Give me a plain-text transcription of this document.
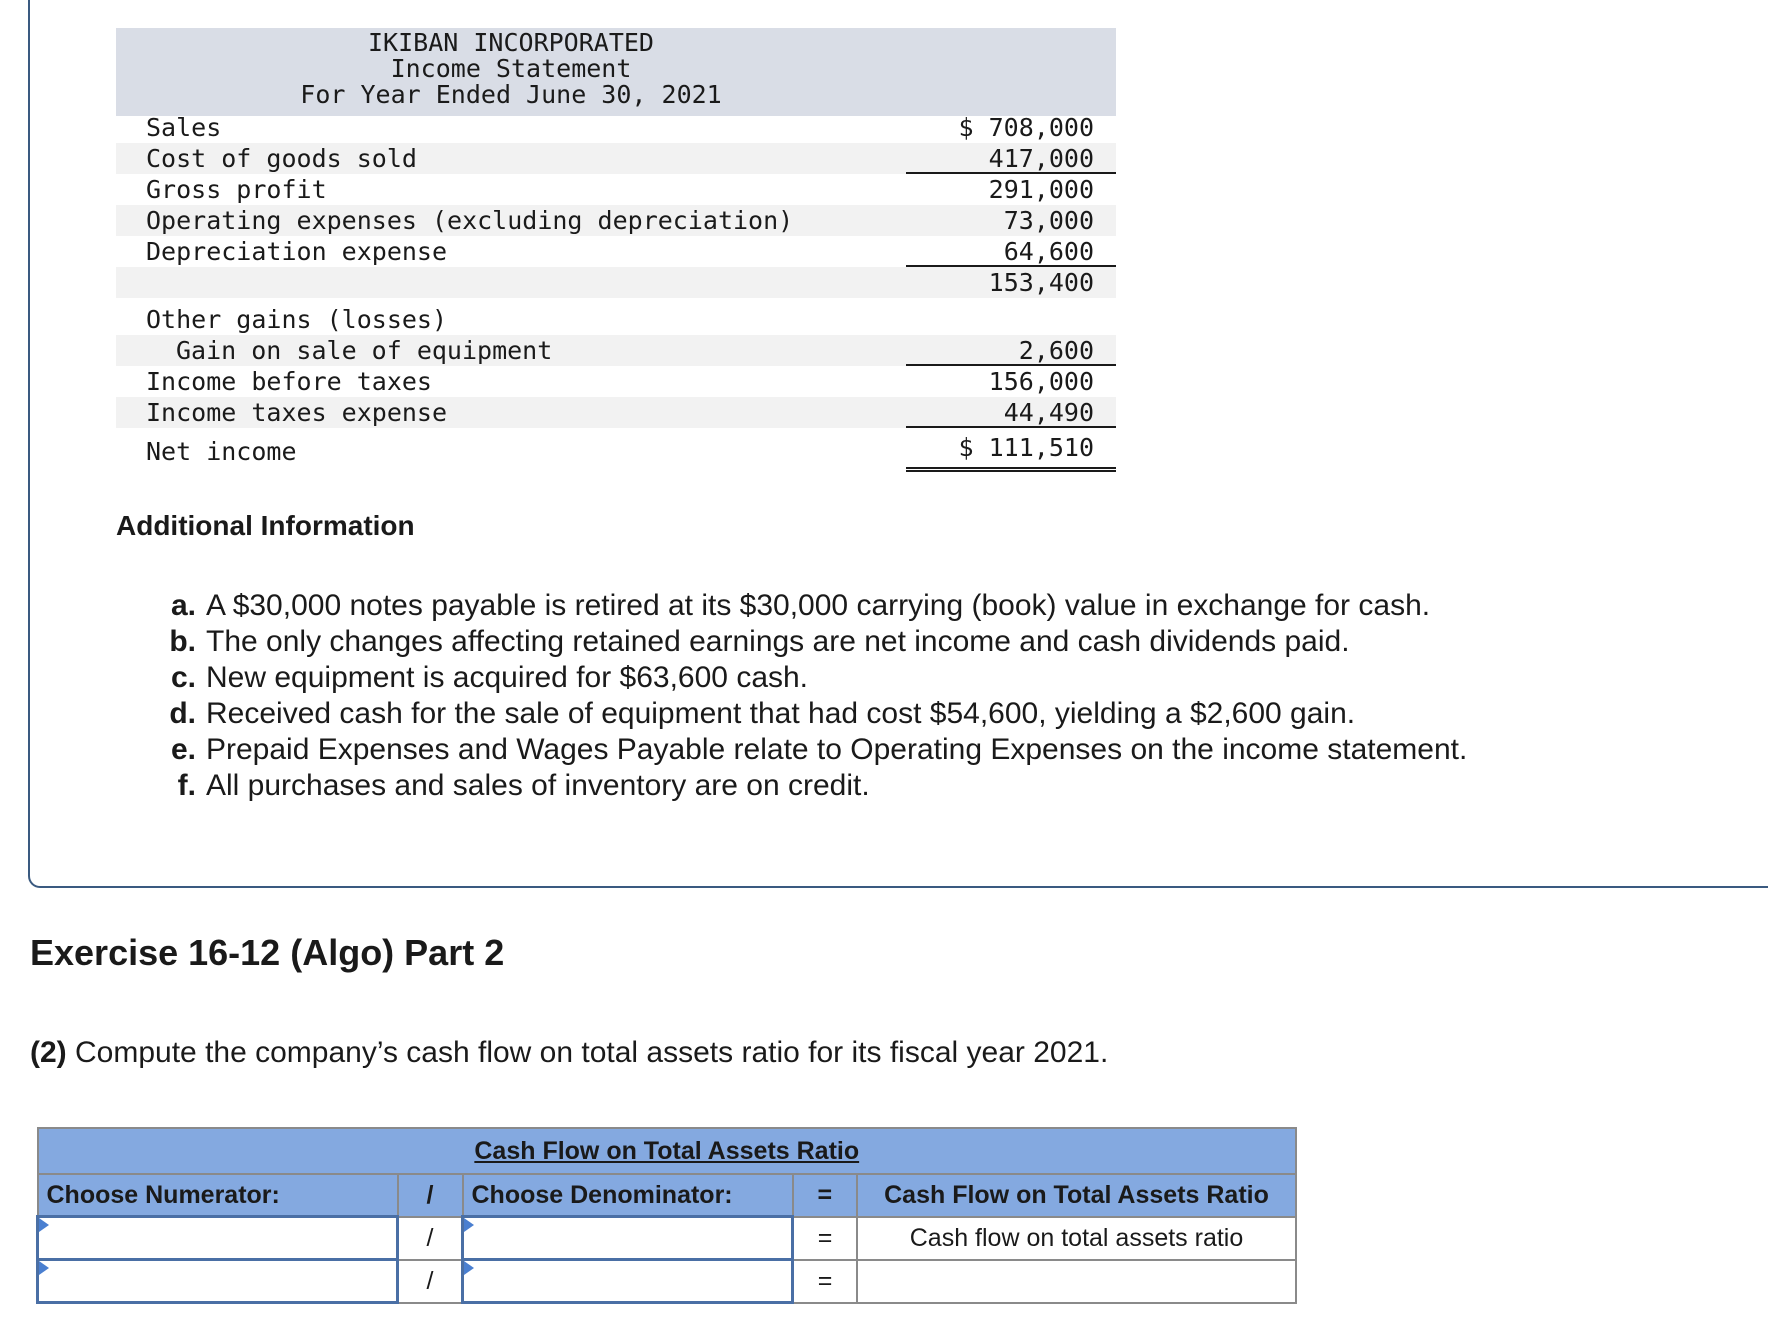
IKIBAN INCORPORATED
Income Statement
For Year Ended June 30, 2021
Sales	$ 708,000
Cost of goods sold	417,000
Gross profit	291,000
Operating expenses (excluding depreciation)	73,000
Depreciation expense	64,600
153,400
Other gains (losses)
Gain on sale of equipment	2,600
Income before taxes	156,000
Income taxes expense	44,490
Net income	$ 111,510
Additional Information
a. A $30,000 notes payable is retired at its $30,000 carrying (book) value in exchange for cash.
b. The only changes affecting retained earnings are net income and cash dividends paid.
c. New equipment is acquired for $63,600 cash.
d. Received cash for the sale of equipment that had cost $54,600, yielding a $2,600 gain.
e. Prepaid Expenses and Wages Payable relate to Operating Expenses on the income statement.
f. All purchases and sales of inventory are on credit.
Exercise 16-12 (Algo) Part 2
(2) Compute the company’s cash flow on total assets ratio for its fiscal year 2021.
Cash Flow on Total Assets Ratio				
Choose Numerator:	/	Choose Denominator:	=	Cash Flow on Total Assets Ratio

	/		=	Cash flow on total assets ratio

	/		=	
